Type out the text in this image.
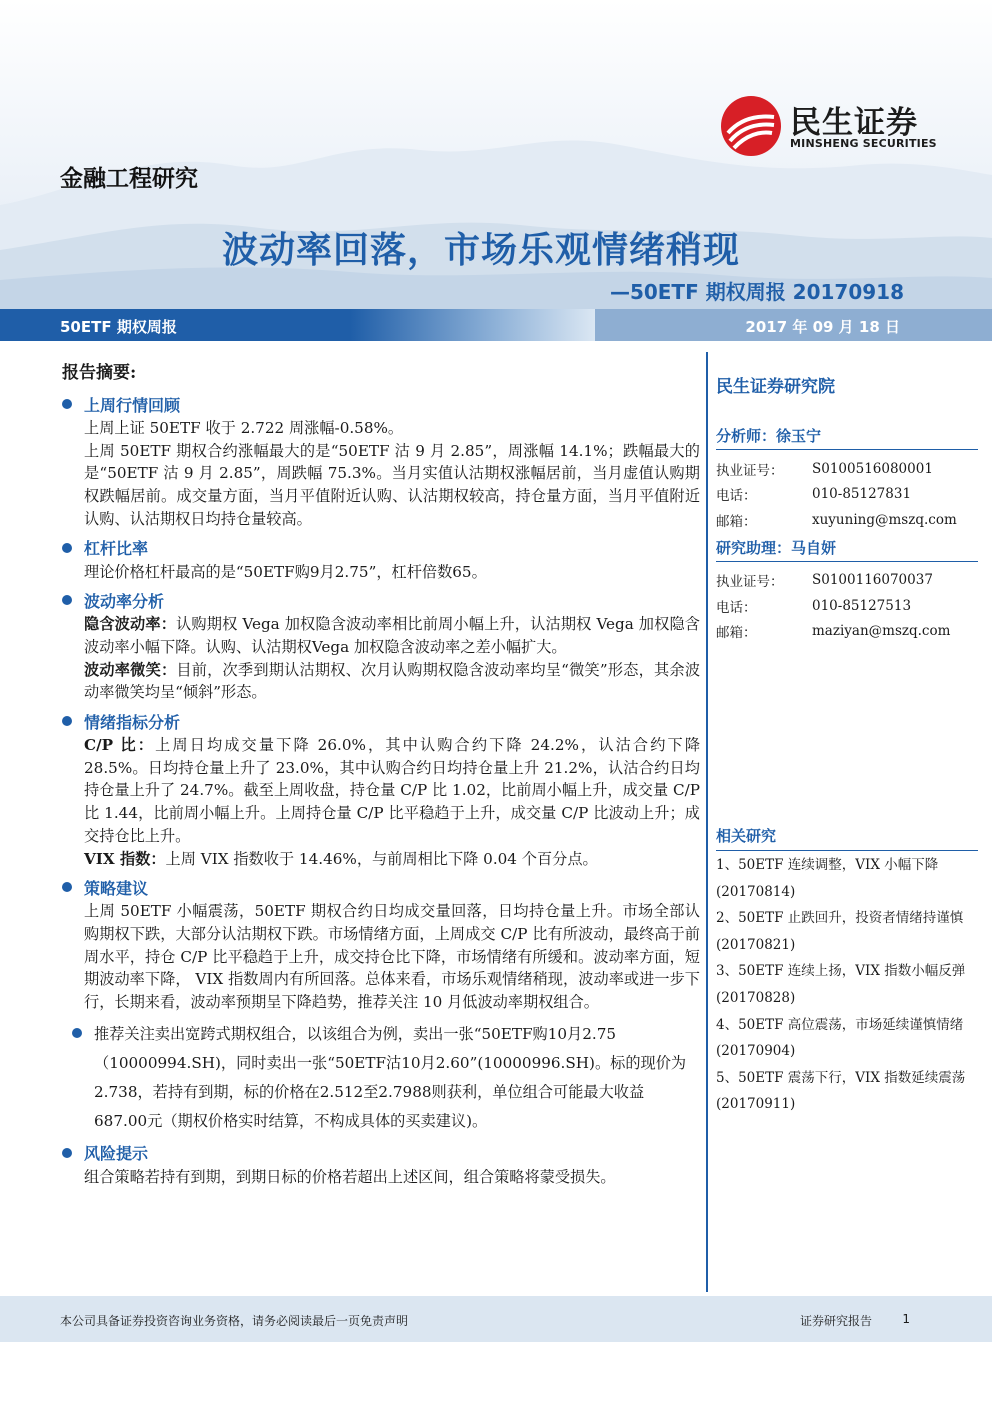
民生证券
MINSHENG SECURITIES
金融工程研究
波动率回落，市场乐观情绪稍现
—50ETF 期权周报 20170918
50ETF 期权周报	2017 年 09 月 18 日
报告摘要:
上周行情回顾
上周上证 50ETF 收于 2.722 周涨幅-0.58%。
上周 50ETF 期权合约涨幅最大的是“50ETF 沽 9 月 2.85”，周涨幅 14.1%；跌幅最大的是“50ETF 沽 9 月 2.85”，周跌幅 75.3%。当月实值认沽期权涨幅居前，当月虚值认购期权跌幅居前。成交量方面，当月平值附近认购、认沽期权较高，持仓量方面，当月平值附近认购、认沽期权日均持仓量较高。
杠杆比率
理论价格杠杆最高的是“50ETF购9月2.75”，杠杆倍数65。
波动率分析
隐含波动率：认购期权 Vega 加权隐含波动率相比前周小幅上升，认沽期权 Vega 加权隐含波动率小幅下降。认购、认沽期权Vega 加权隐含波动率之差小幅扩大。
波动率微笑：目前，次季到期认沽期权、次月认购期权隐含波动率均呈“微笑”形态，其余波动率微笑均呈“倾斜”形态。
情绪指标分析
C/P 比：上周日均成交量下降 26.0%，其中认购合约下降 24.2%，认沽合约下降 28.5%。日均持仓量上升了 23.0%，其中认购合约日均持仓量上升 21.2%，认沽合约日均持仓量上升了 24.7%。截至上周收盘，持仓量 C/P 比 1.02，比前周小幅上升，成交量 C/P 比 1.44，比前周小幅上升。上周持仓量 C/P 比平稳趋于上升，成交量 C/P 比波动上升；成交持仓比上升。
VIX 指数：上周 VIX 指数收于 14.46%，与前周相比下降 0.04 个百分点。
策略建议
上周 50ETF 小幅震荡，50ETF 期权合约日均成交量回落，日均持仓量上升。市场全部认购期权下跌，大部分认沽期权下跌。市场情绪方面，上周成交 C/P 比有所波动，最终高于前周水平，持仓 C/P 比平稳趋于上升，成交持仓比下降，市场情绪有所缓和。波动率方面，短期波动率下降， VIX 指数周内有所回落。总体来看，市场乐观情绪稍现，波动率或进一步下行，长期来看，波动率预期呈下降趋势，推荐关注 10 月低波动率期权组合。
推荐关注卖出宽跨式期权组合，以该组合为例，卖出一张“50ETF购10月2.75（10000994.SH)，同时卖出一张“50ETF沽10月2.60”(10000996.SH)。标的现价为2.738，若持有到期，标的价格在2.512至2.7988则获利，单位组合可能最大收益687.00元（期权价格实时结算，不构成具体的买卖建议)。
风险提示
组合策略若持有到期，到期日标的价格若超出上述区间，组合策略将蒙受损失。
民生证券研究院
分析师：徐玉宁
执业证号：	S0100516080001
电话：	010-85127831
邮箱：	xuyuning@mszq.com
研究助理：马自妍
执业证号：	S0100116070037
电话：	010-85127513
邮箱：	maziyan@mszq.com
相关研究
1、50ETF 连续调整，VIX 小幅下降 (20170814)
2、50ETF 止跌回升，投资者情绪持谨慎 (20170821)
3、50ETF 连续上扬，VIX 指数小幅反弹 (20170828)
4、50ETF 高位震荡，市场延续谨慎情绪 (20170904)
5、50ETF 震荡下行，VIX 指数延续震荡 (20170911)
本公司具备证券投资咨询业务资格，请务必阅读最后一页免责声明	证券研究报告	1
